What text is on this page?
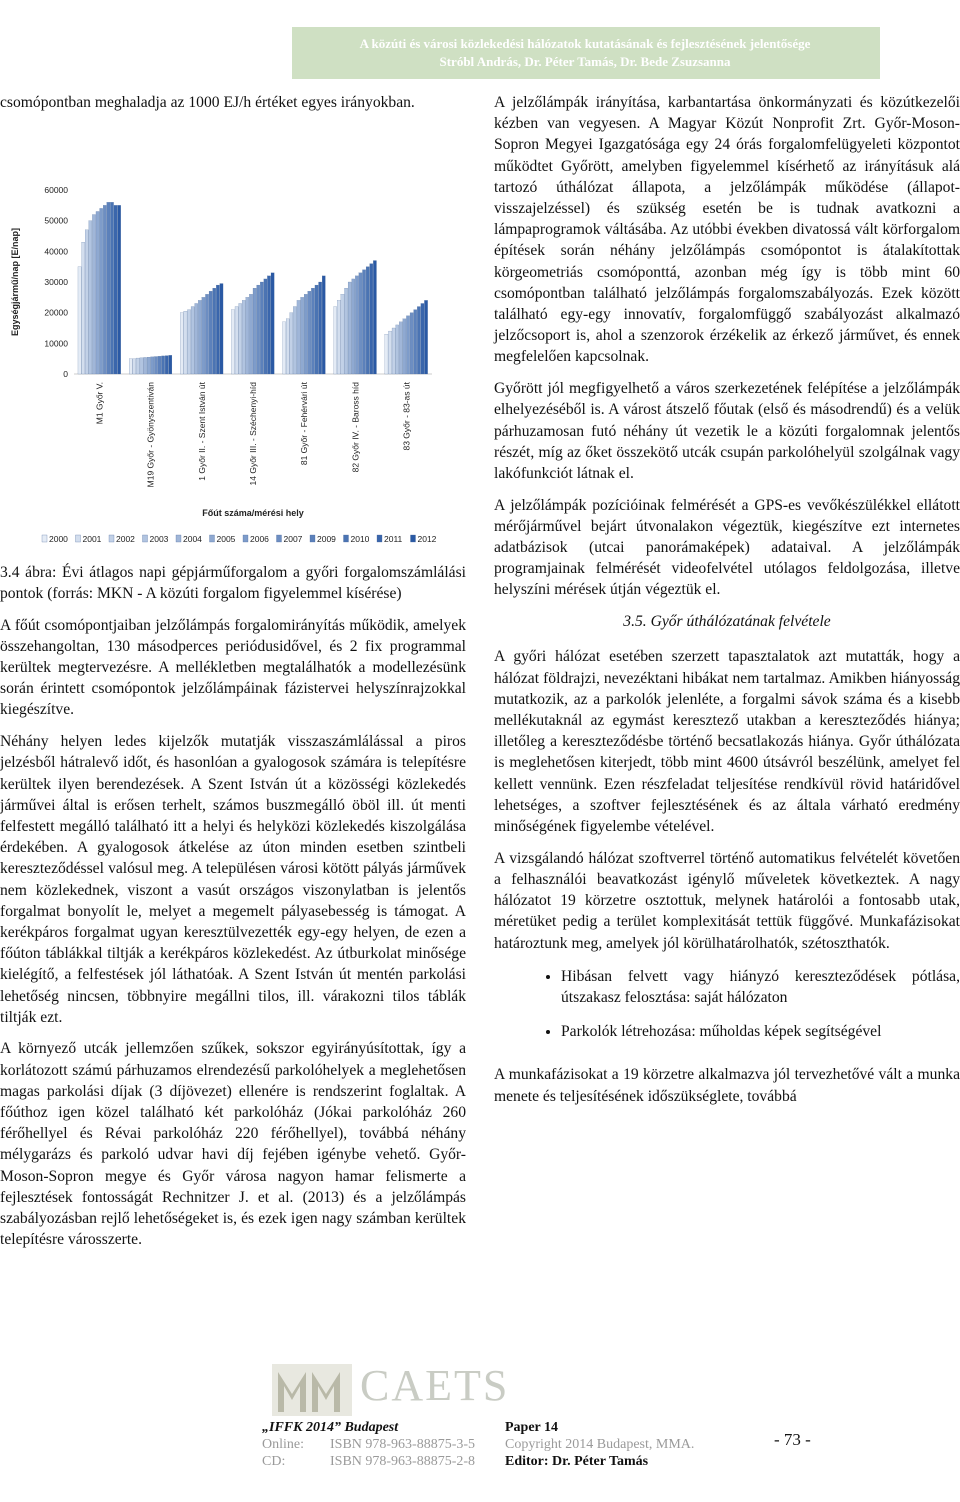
A közúti és városi közlekedési hálózatok kutatásának és fejlesztésének jelentősége
Stróbl András, Dr. Péter Tamás, Dr. Bede Zsuzsanna

csomópontban meghaladja az 1000 EJ/h értéket egyes irányokban.

0
10000
20000
30000
40000
50000
60000
Egységjármű/nap [E/nap]
M1 Győr V.	M19 Győr - Gyönyszentiván	1 Győr II. - Szent István út	14 Győr III. - Széchenyi-híd	81 Győr - Fehérvári út	82 Győr IV. - Baross híd	83 Győr - 83-as út
Főút száma/mérési hely
2000 2001 2002 2003 2004 2005 2006 2007 2009 2010 2011 2012

3.4 ábra: Évi átlagos napi gépjárműforgalom a győri forgalomszámlálási pontok (forrás: MKN - A közúti forgalom figyelemmel kísérése)

A főút csomópontjaiban jelzőlámpás forgalomirányítás működik, amelyek összehangoltan, 130 másodperces periódusidővel, és 2 fix programmal kerültek megtervezésre. A mellékletben megtalálhatók a modellezésünk során érintett csomópontok jelzőlámpáinak fázistervei helyszínrajzokkal kiegészítve.

Néhány helyen ledes kijelzők mutatják visszaszámlálással a piros jelzésből hátralevő időt, és hasonlóan a gyalogosok számára is telepítésre kerültek ilyen berendezések. A Szent István út a közösségi közlekedés járművei által is erősen terhelt, számos buszmegálló öböl ill. út menti felfestett megálló található itt a helyi és helyközi közlekedés kiszolgálása érdekében. A gyalogosok átkelése az úton minden esetben szintbeli kereszteződéssel valósul meg. A településen városi kötött pályás járművek nem közlekednek, viszont a vasút országos viszonylatban is jelentős forgalmat bonyolít le, melyet a megemelt pályasebesség is támogat. A kerékpáros forgalmat ugyan keresztülvezették egy-egy helyen, de ezen a főúton táblákkal tiltják a kerékpáros közlekedést. Az útburkolat minősége kielégítő, a felfestések jól láthatóak. A Szent István út mentén parkolási lehetőség nincsen, többnyire megállni tilos, ill. várakozni tilos táblák tiltják ezt.

A környező utcák jellemzően szűkek, sokszor egyirányúsítottak, így a korlátozott számú párhuzamos elrendezésű parkolóhelyek a meglehetősen magas parkolási díjak (3 díjövezet) ellenére is rendszerint foglaltak. A főúthoz igen közel található két parkolóház (Jókai parkolóház 260 férőhellyel és Révai parkolóház 220 férőhellyel), továbbá néhány mélygarázs és parkoló udvar havi díj fejében igénybe vehető. Győr-Moson-Sopron megye és Győr városa nagyon hamar felismerte a fejlesztések fontosságát Rechnitzer J. et al. (2013) és a jelzőlámpás szabályozásban rejlő lehetőségeket is, és ezek igen nagy számban kerültek telepítésre városszerte.

A jelzőlámpák irányítása, karbantartása önkormányzati és közútkezelői kézben van vegyesen. A Magyar Közút Nonprofit Zrt. Győr-Moson-Sopron Megyei Igazgatósága egy 24 órás forgalomfelügyeleti központot működtet Győrött, amelyben figyelemmel kísérhető az irányításuk alá tartozó úthálózat állapota, a jelzőlámpák működése (állapot-visszajelzéssel) és szükség esetén be is tudnak avatkozni a lámpaprogramok váltásába. Az utóbbi években divatossá vált körforgalom építések során néhány jelzőlámpás csomópontot is átalakítottak körgeometriás csomóponttá, azonban még így is több mint 60 csomópontban található jelzőlámpás forgalomszabályozás. Ezek között található egy-egy innovatív, forgalomfüggő szabályozást alkalmazó jelzőcsoport is, ahol a szenzorok érzékelik az érkező járművet, és ennek megfelelően kapcsolnak.

Győrött jól megfigyelhető a város szerkezetének felépítése a jelzőlámpák elhelyezéséből is. A várost átszelő főutak (első és másodrendű) és a velük párhuzamosan futó néhány út vezetik le a közúti forgalomnak jelentős részét, míg az őket összekötő utcák csupán parkolóhelyül szolgálnak vagy lakófunkciót látnak el.

A jelzőlámpák pozícióinak felmérését a GPS-es vevőkészülékkel ellátott mérőjárművel bejárt útvonalakon végeztük, kiegészítve ezt internetes adatbázisok (utcai panorámaképek) adataival. A jelzőlámpák programjainak felmérését videofelvétel utólagos feldolgozása, illetve helyszíni mérések útján végeztük el.

3.5. Győr úthálózatának felvétele

A győri hálózat esetében szerzett tapasztalatok azt mutatták, hogy a hálózat földrajzi, nevezéktani hibákat nem tartalmaz. Amikben hiányosság mutatkozik, az a parkolók jelenléte, a forgalmi sávok száma és a kisebb mellékutaknál az egymást keresztező utakban a kereszteződés hiánya; illetőleg a kereszteződésbe történő becsatlakozás hiánya. Győr úthálózata is meglehetősen kiterjedt, több mint 4600 útsávról beszélünk, amelyet fel kellett vennünk. Ezen részfeladat teljesítése rendkívül rövid határidővel lehetséges, a szoftver fejlesztésének és az általa várható eredmény minőségének figyelembe vételével.

A vizsgálandó hálózat szoftverrel történő automatikus felvételét követően a felhasználói beavatkozást igénylő műveletek következtek. A nagy hálózatot 19 körzetre osztottuk, melynek határolói a fontosabb utak, méretüket pedig a terület komplexitását tettük függővé. Munkafázisokat határoztunk meg, amelyek jól körülhatárolhatók, szétoszthatók.

• Hibásan felvett vagy hiányzó kereszteződések pótlása, útszakasz felosztása: saját hálózaton
• Parkolók létrehozása: műholdas képek segítségével

A munkafázisokat a 19 körzetre alkalmazva jól tervezhetővé vált a munka menete és teljesítésének időszükséglete, továbbá

CAETS
„IFFK 2014” Budapest
Online: ISBN 978-963-88875-3-5
CD:	ISBN 978-963-88875-2-8
Paper 14
Copyright 2014 Budapest, MMA.
Editor: Dr. Péter Tamás
- 73 -
